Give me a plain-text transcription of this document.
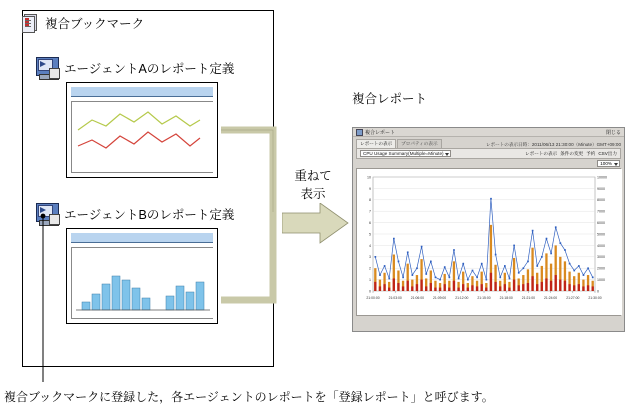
複合ブックマーク
エージェントAのレポート定義
エージェントBのレポート定義
重ねて
表示
複合レポート
複合レポート	閉じる
レポートの表示	プロパティの表示	レポートの表示日時：2011/06/13 21:30:00（Minute）GMT+09:00
CPU Usage Summary(Multiple=Minute)	レポートの表示 条件の変更 予約 CSV出力
100%
10
9
8
7
6
5
4
3
2
1
0
10000
9000
8000
7000
6000
5000
4000
3000
2000
1000
0
21:00:00	21:03:00	21:06:00	21:09:00	21:12:00	21:15:00	21:18:00	21:21:00	21:24:00	21:27:00	21:30:00
複合ブックマークに登録した，各エージェントのレポートを「登録レポート」と呼びます。
